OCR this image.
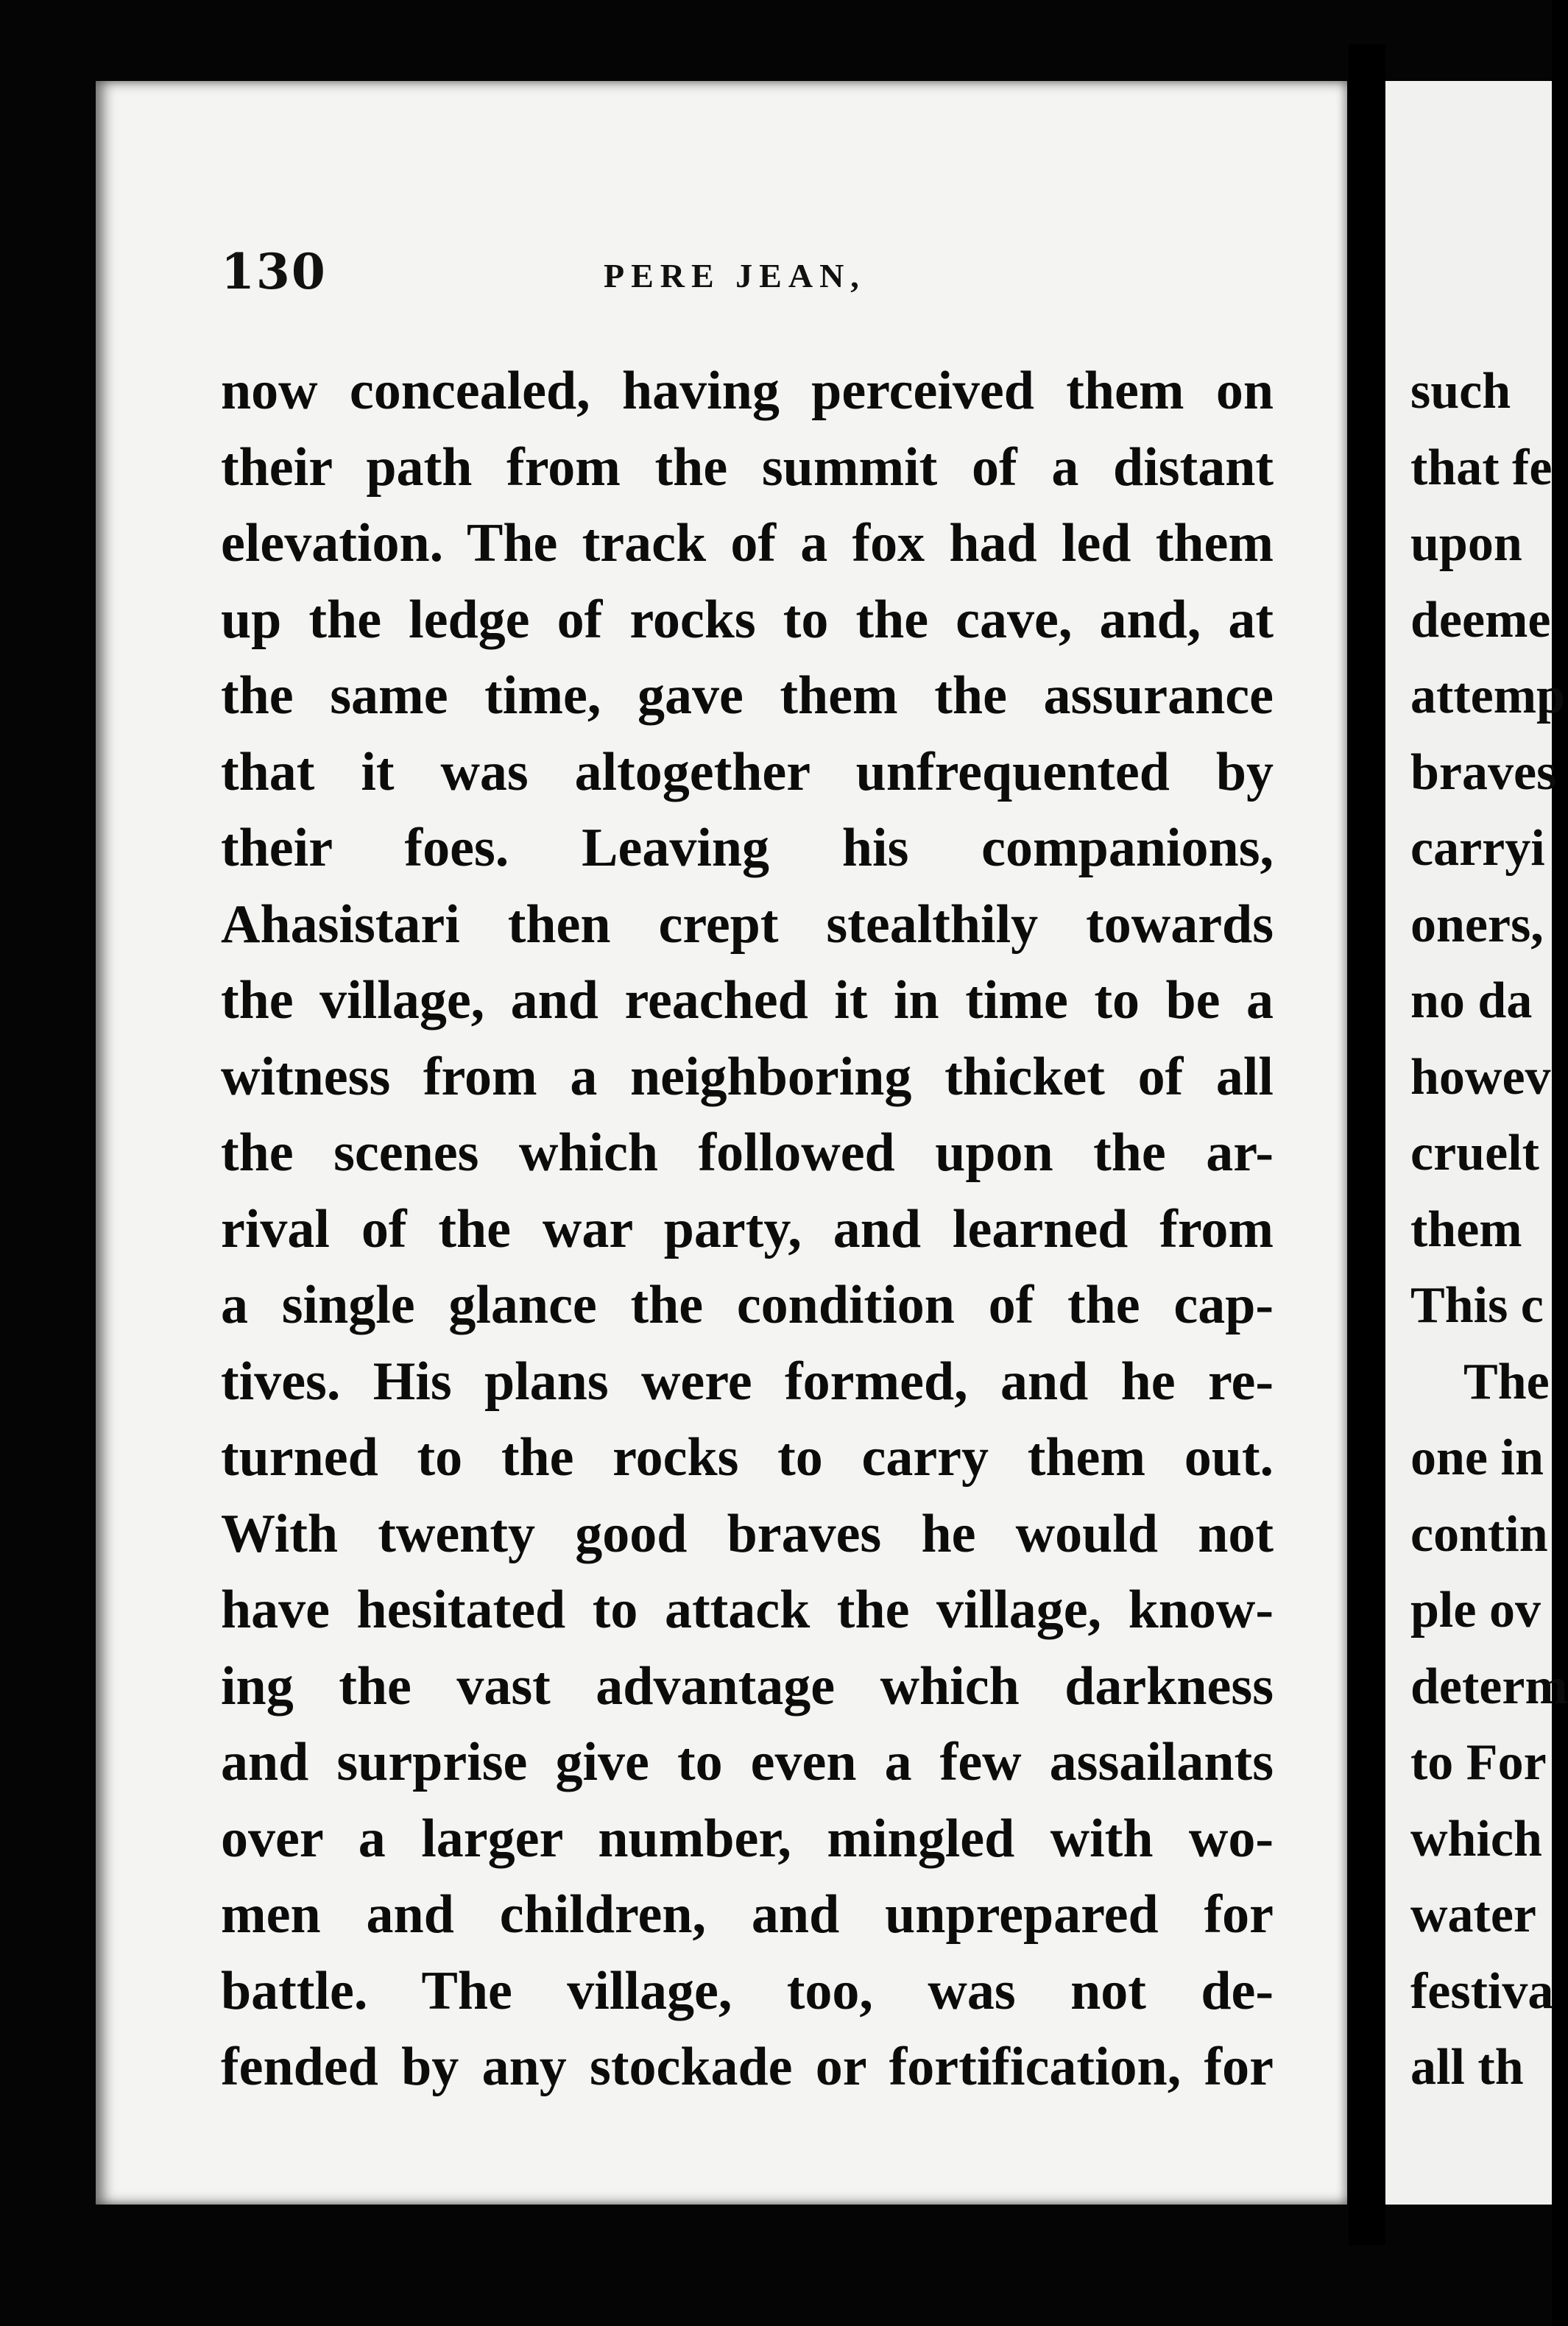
130	PERE JEAN,
now concealed, having perceived them on
their path from the summit of a distant
elevation. The track of a fox had led them
up the ledge of rocks to the cave, and, at
the same time, gave them the assurance
that it was altogether unfrequented by
their foes. Leaving his companions,
Ahasistari then crept stealthily towards
the village, and reached it in time to be a
witness from a neighboring thicket of all
the scenes which followed upon the ar-
rival of the war party, and learned from
a single glance the condition of the cap-
tives. His plans were formed, and he re-
turned to the rocks to carry them out.
With twenty good braves he would not
have hesitated to attack the village, know-
ing the vast advantage which darkness
and surprise give to even a few assailants
over a larger number, mingled with wo-
men and children, and unprepared for
battle. The village, too, was not de-
fended by any stockade or fortification, for
such
that fe
upon
deeme
attemp
braves
carryi
oners,
no da
howev
cruelt
them
This c
The
one in
contin
ple ov
determ
to For
which
water
festiva
all th
